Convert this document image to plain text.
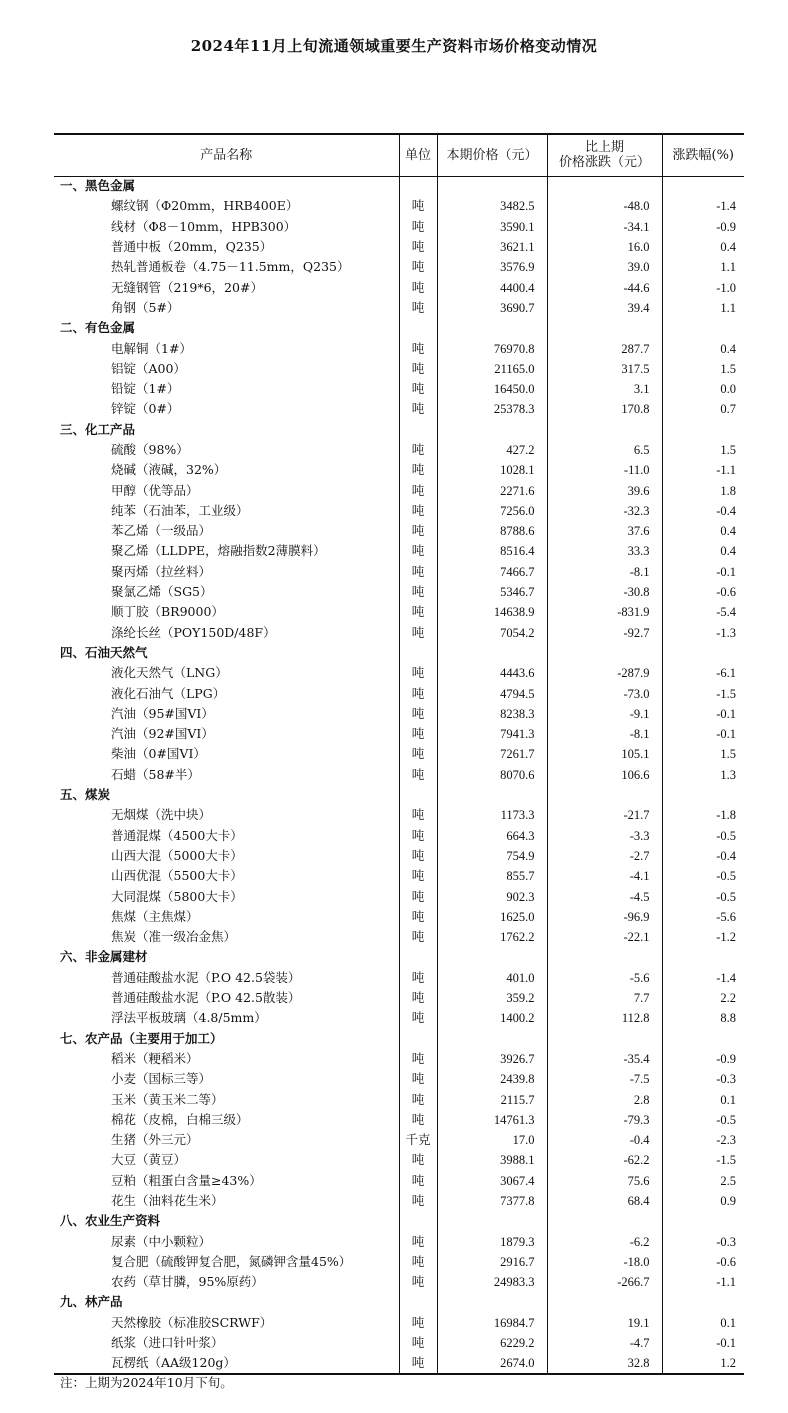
2024年11月上旬流通领域重要生产资料市场价格变动情况
产品名称	单位	本期价格（元）	比上期
价格涨跌（元）	涨跌幅(%)
一、黑色金属				
螺纹钢（Φ20mm，HRB400E）	吨	3482.5	-48.0	-1.4
线材（Φ8－10mm，HPB300）	吨	3590.1	-34.1	-0.9
普通中板（20mm，Q235）	吨	3621.1	16.0	0.4
热轧普通板卷（4.75－11.5mm，Q235）	吨	3576.9	39.0	1.1
无缝钢管（219*6，20#）	吨	4400.4	-44.6	-1.0
角钢（5#）	吨	3690.7	39.4	1.1
二、有色金属				
电解铜（1#）	吨	76970.8	287.7	0.4
铝锭（A00）	吨	21165.0	317.5	1.5
铅锭（1#）	吨	16450.0	3.1	0.0
锌锭（0#）	吨	25378.3	170.8	0.7
三、化工产品				
硫酸（98%）	吨	427.2	6.5	1.5
烧碱（液碱，32%）	吨	1028.1	-11.0	-1.1
甲醇（优等品）	吨	2271.6	39.6	1.8
纯苯（石油苯，工业级）	吨	7256.0	-32.3	-0.4
苯乙烯（一级品）	吨	8788.6	37.6	0.4
聚乙烯（LLDPE，熔融指数2薄膜料）	吨	8516.4	33.3	0.4
聚丙烯（拉丝料）	吨	7466.7	-8.1	-0.1
聚氯乙烯（SG5）	吨	5346.7	-30.8	-0.6
顺丁胶（BR9000）	吨	14638.9	-831.9	-5.4
涤纶长丝（POY150D/48F）	吨	7054.2	-92.7	-1.3
四、石油天然气				
液化天然气（LNG）	吨	4443.6	-287.9	-6.1
液化石油气（LPG）	吨	4794.5	-73.0	-1.5
汽油（95#国VI）	吨	8238.3	-9.1	-0.1
汽油（92#国VI）	吨	7941.3	-8.1	-0.1
柴油（0#国VI）	吨	7261.7	105.1	1.5
石蜡（58#半）	吨	8070.6	106.6	1.3
五、煤炭				
无烟煤（洗中块）	吨	1173.3	-21.7	-1.8
普通混煤（4500大卡）	吨	664.3	-3.3	-0.5
山西大混（5000大卡）	吨	754.9	-2.7	-0.4
山西优混（5500大卡）	吨	855.7	-4.1	-0.5
大同混煤（5800大卡）	吨	902.3	-4.5	-0.5
焦煤（主焦煤）	吨	1625.0	-96.9	-5.6
焦炭（准一级冶金焦）	吨	1762.2	-22.1	-1.2
六、非金属建材				
普通硅酸盐水泥（P.O 42.5袋装）	吨	401.0	-5.6	-1.4
普通硅酸盐水泥（P.O 42.5散装）	吨	359.2	7.7	2.2
浮法平板玻璃（4.8/5mm）	吨	1400.2	112.8	8.8
七、农产品（主要用于加工）				
稻米（粳稻米）	吨	3926.7	-35.4	-0.9
小麦（国标三等）	吨	2439.8	-7.5	-0.3
玉米（黄玉米二等）	吨	2115.7	2.8	0.1
棉花（皮棉，白棉三级）	吨	14761.3	-79.3	-0.5
生猪（外三元）	千克	17.0	-0.4	-2.3
大豆（黄豆）	吨	3988.1	-62.2	-1.5
豆粕（粗蛋白含量≥43%）	吨	3067.4	75.6	2.5
花生（油料花生米）	吨	7377.8	68.4	0.9
八、农业生产资料				
尿素（中小颗粒）	吨	1879.3	-6.2	-0.3
复合肥（硫酸钾复合肥，氮磷钾含量45%）	吨	2916.7	-18.0	-0.6
农药（草甘膦，95%原药）	吨	24983.3	-266.7	-1.1
九、林产品				
天然橡胶（标准胶SCRWF）	吨	16984.7	19.1	0.1
纸浆（进口针叶浆）	吨	6229.2	-4.7	-0.1
瓦楞纸（AA级120g）	吨	2674.0	32.8	1.2
注：上期为2024年10月下旬。
